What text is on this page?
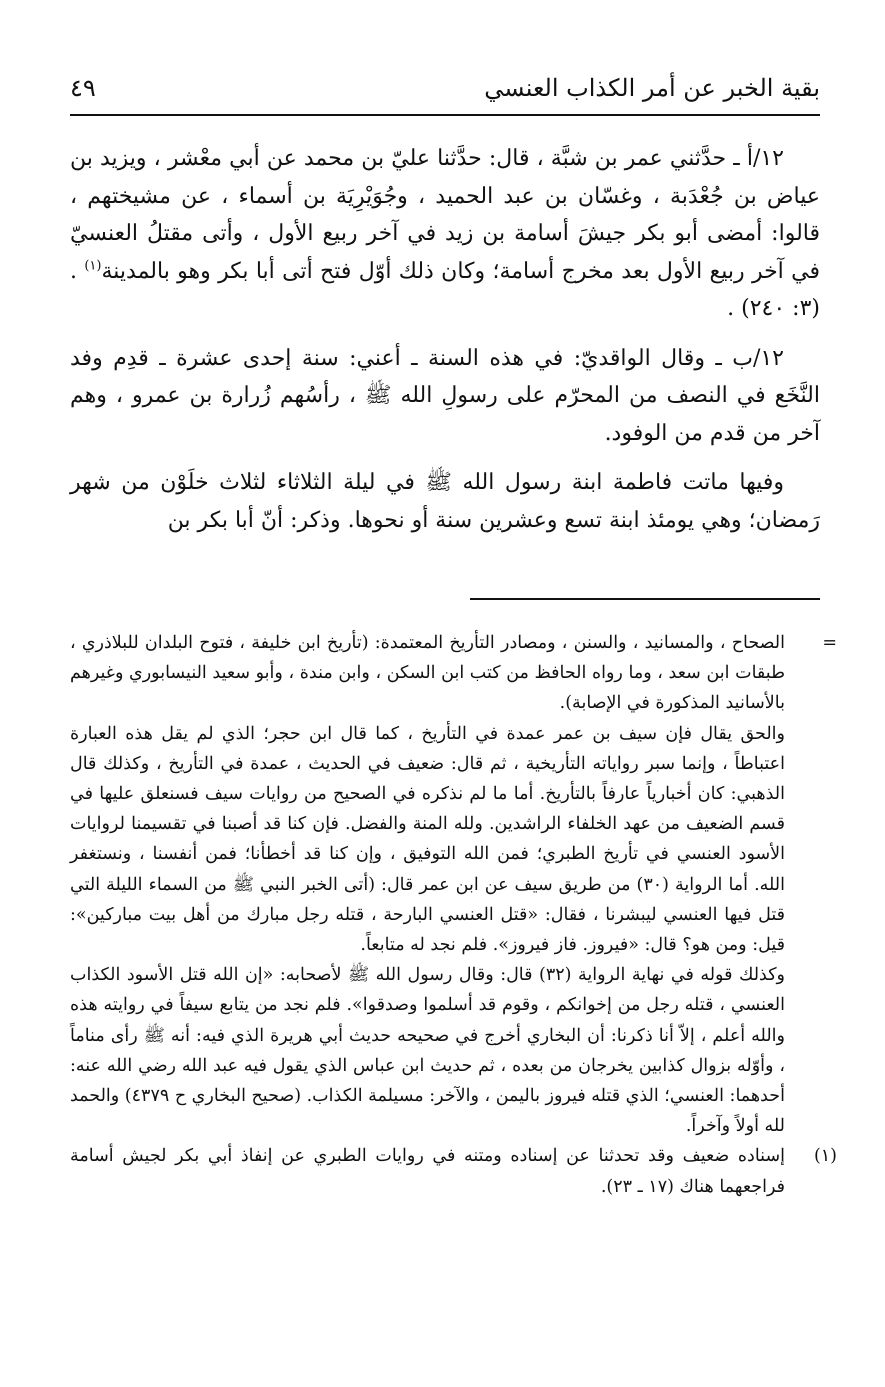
بقية الخبر عن أمر الكذاب العنسي
٤٩

١٢/أ ـ حدَّثني عمر بن شبَّة ، قال: حدَّثنا عليّ بن محمد عن أبي معْشر ، ويزيد بن عياض بن جُعْدَبة ، وغسّان بن عبد الحميد ، وجُوَيْرِيَة بن أسماء ، عن مشيختهم ، قالوا: أمضى أبو بكر جيشَ أسامة بن زيد في آخر ربيع الأول ، وأتى مقتلُ العنسيّ في آخر ربيع الأول بعد مخرج أسامة؛ وكان ذلك أوّل فتح أتى أبا بكر وهو بالمدينة$^{(١)}$ . (٣: ٢٤٠) .

١٢/ب ـ وقال الواقديّ: في هذه السنة ـ أعني: سنة إحدى عشرة ـ قدِم وفد النَّخَع في النصف من المحرّم على رسولِ الله ﷺ ، رأسُهم زُرارة بن عمرو ، وهم آخر من قدم من الوفود.

وفيها ماتت فاطمة ابنة رسول الله ﷺ في ليلة الثلاثاء لثلاث خلَوْن من شهر رَمضان؛ وهي يومئذ ابنة تسع وعشرين سنة أو نحوها. وذكر: أنّ أبا بكر بن

=

الصحاح ، والمسانيد ، والسنن ، ومصادر التأريخ المعتمدة: (تأريخ ابن خليفة ، فتوح البلدان للبلاذري ، طبقات ابن سعد ، وما رواه الحافظ من كتب ابن السكن ، وابن مندة ، وأبو سعيد النيسابوري وغيرهم بالأسانيد المذكورة في الإصابة).

والحق يقال فإن سيف بن عمر عمدة في التأريخ ، كما قال ابن حجر؛ الذي لم يقل هذه العبارة اعتباطاً ، وإنما سبر رواياته التأريخية ، ثم قال: ضعيف في الحديث ، عمدة في التأريخ ، وكذلك قال الذهبي: كان أخبارياً عارفاً بالتأريخ. أما ما لم نذكره في الصحيح من روايات سيف فسنعلق عليها في قسم الضعيف من عهد الخلفاء الراشدين. ولله المنة والفضل. فإن كنا قد أصبنا في تقسيمنا لروايات الأسود العنسي في تأريخ الطبري؛ فمن الله التوفيق ، وإن كنا قد أخطأنا؛ فمن أنفسنا ، ونستغفر الله. أما الرواية (٣٠) من طريق سيف عن ابن عمر قال: (أتى الخبر النبي ﷺ من السماء الليلة التي قتل فيها العنسي ليبشرنا ، فقال: «قتل العنسي البارحة ، قتله رجل مبارك من أهل بيت مباركين»: قيل: ومن هو؟ قال: «فيروز. فاز فيروز». فلم نجد له متابعاً.

وكذلك قوله في نهاية الرواية (٣٢) قال: وقال رسول الله ﷺ لأصحابه: «إن الله قتل الأسود الكذاب العنسي ، قتله رجل من إخوانكم ، وقوم قد أسلموا وصدقوا». فلم نجد من يتابع سيفاً في روايته هذه والله أعلم ، إلاّ أنا ذكرنا: أن البخاري أخرج في صحيحه حديث أبي هريرة الذي فيه: أنه ﷺ رأى مناماً ، وأوّله بزوال كذابين يخرجان من بعده ، ثم حديث ابن عباس الذي يقول فيه عبد الله رضي الله عنه: أحدهما: العنسي؛ الذي قتله فيروز باليمن ، والآخر: مسيلمة الكذاب. (صحيح البخاري ح ٤٣٧٩) والحمد لله أولاً وآخراً.

(١)

إسناده ضعيف وقد تحدثنا عن إسناده ومتنه في روايات الطبري عن إنفاذ أبي بكر لجيش أسامة فراجعهما هناك (١٧ ـ ٢٣).
